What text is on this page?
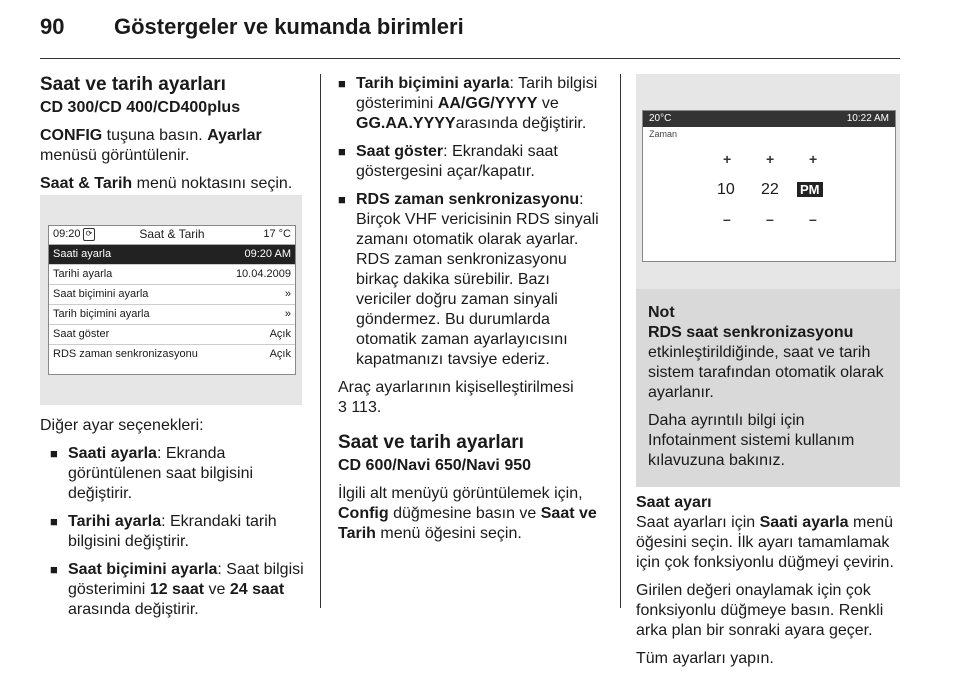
90 Göstergeler ve kumanda birimleri
Saat ve tarih ayarları
CD 300/CD 400/CD400plus

CONFIG tuşuna basın. Ayarlar menüsü görüntülenir.

Saat & Tarih menü noktasını seçin.

Diğer ayar seçenekleri:

■ Saati ayarla: Ekranda görüntülenen saat bilgisini değiştirir.
■ Tarihi ayarla: Ekrandaki tarih bilgisini değiştirir.
■ Saat biçimini ayarla: Saat bilgisi gösterimini 12 saat ve 24 saat arasında değiştirir.
09:20 ⟳	Saat & Tarih	17 °C
Saati ayarla	09:20 AM
Tarihi ayarla	10.04.2009
Saat biçimini ayarla	»
Tarih biçimini ayarla	»
Saat göster	Açık
RDS zaman senkronizasyonu	Açık
■ Tarih biçimini ayarla: Tarih bilgisi gösterimini AA/GG/YYYY ve GG.AA.YYYYarasında değiştirir.
■ Saat göster: Ekrandaki saat göstergesini açar/kapatır.
■ RDS zaman senkronizasyonu: Birçok VHF vericisinin RDS sinyali zamanı otomatik olarak ayarlar. RDS zaman senkronizasyonu birkaç dakika sürebilir. Bazı vericiler doğru zaman sinyali göndermez. Bu durumlarda otomatik zaman ayarlayıcısını kapatmanızı tavsiye ederiz.

Araç ayarlarının kişiselleştirilmesi
3 113.

Saat ve tarih ayarları
CD 600/Navi 650/Navi 950

İlgili alt menüyü görüntülemek için, Config düğmesine basın ve Saat ve Tarih menü öğesini seçin.

20°C	10:22 AM
Zaman
+ + +
10 22 PM
–	–	–

Not

RDS saat senkronizasyonu

etkinleştirildiğinde, saat ve tarih sistem tarafından otomatik olarak ayarlanır.

Daha ayrıntılı bilgi için Infotainment sistemi kullanım kılavuzuna bakınız.

Saat ayarı

Saat ayarları için Saati ayarla menü öğesini seçin. İlk ayarı tamamlamak için çok fonksiyonlu düğmeyi çevirin.

Girilen değeri onaylamak için çok fonksiyonlu düğmeye basın. Renkli arka plan bir sonraki ayara geçer.

Tüm ayarları yapın.
